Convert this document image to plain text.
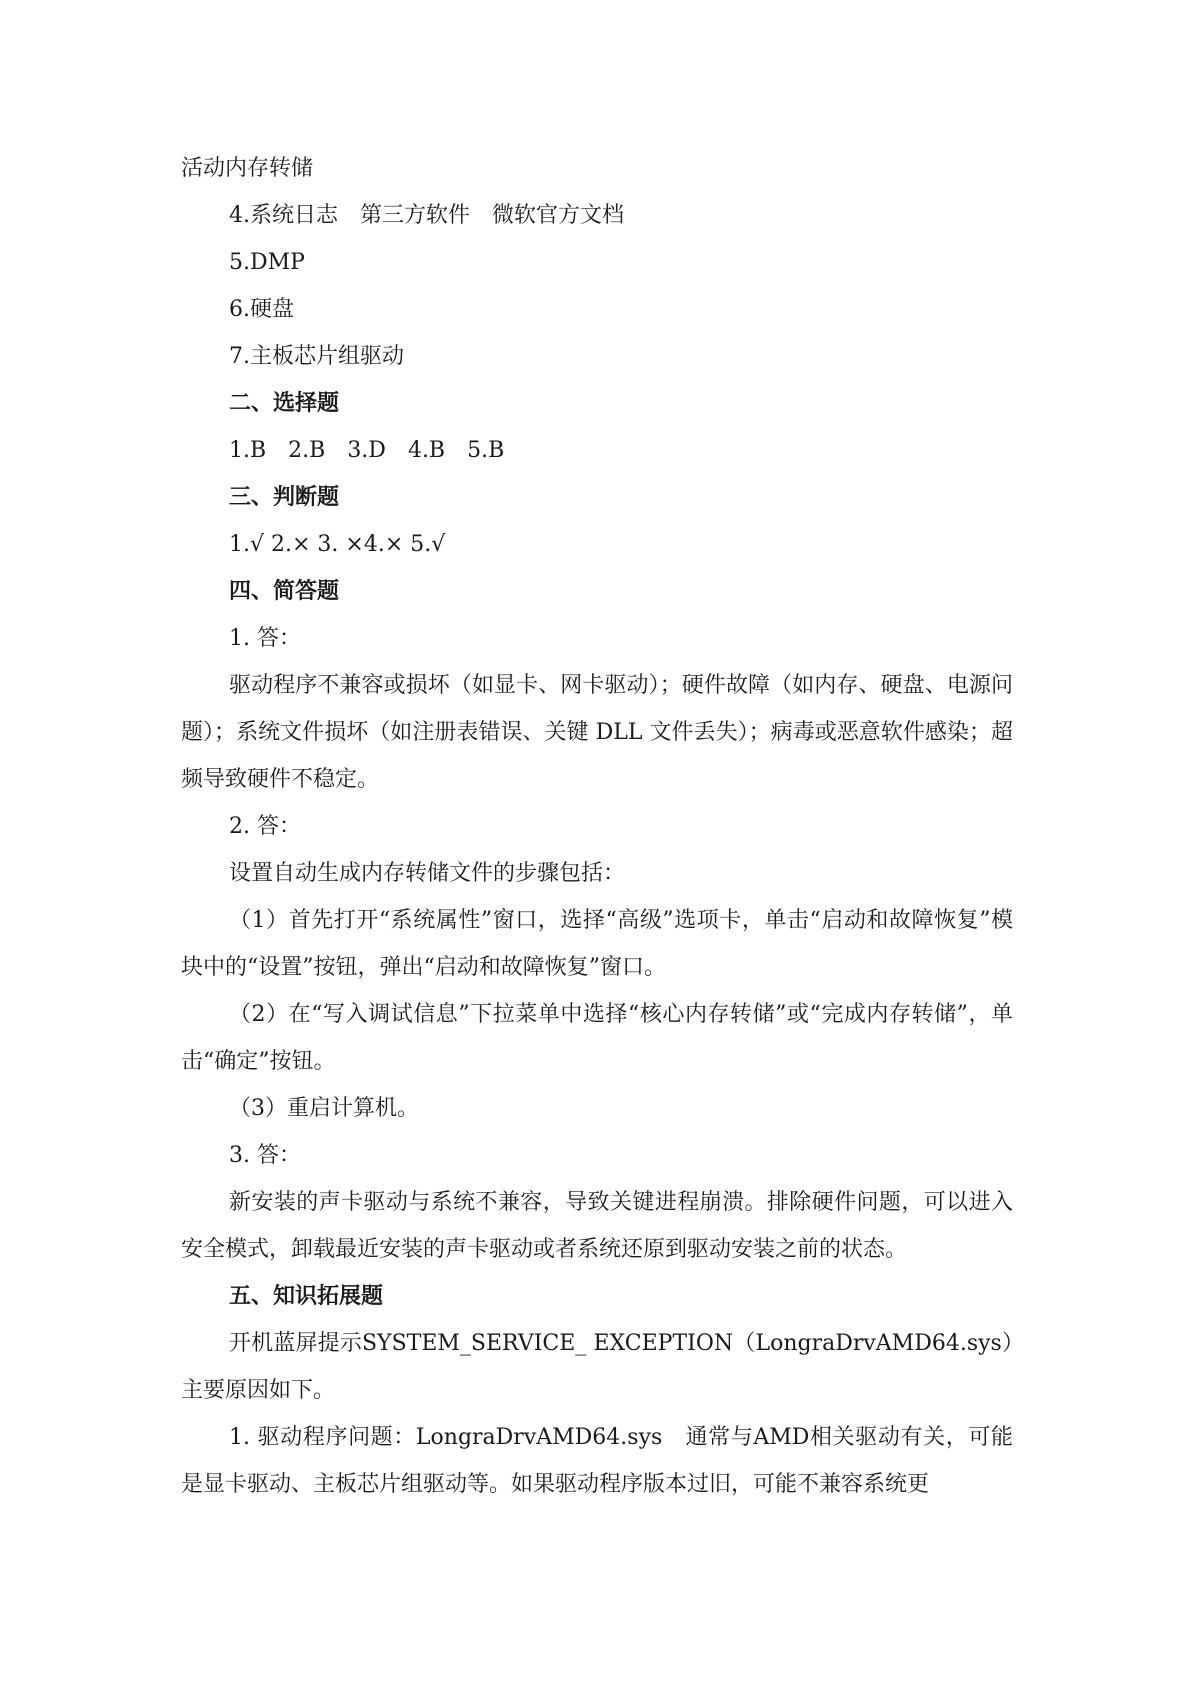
活动内存转储

4.系统日志　第三方软件　微软官方文档

5.DMP

6.硬盘

7.主板芯片组驱动

二、选择题

1.B　2.B　3.D　4.B　5.B

三、判断题

1.√ 2.× 3. ×4.× 5.√

四、简答题

1. 答：

驱动程序不兼容或损坏（如显卡、网卡驱动）；硬件故障（如内存、硬盘、电源问题）；系统文件损坏（如注册表错误、关键 DLL 文件丢失）；病毒或恶意软件感染；超频导致硬件不稳定。

2. 答：

设置自动生成内存转储文件的步骤包括：

（1）首先打开“系统属性”窗口，选择“高级”选项卡，单击“启动和故障恢复”模块中的“设置”按钮，弹出“启动和故障恢复”窗口。

（2）在“写入调试信息”下拉菜单中选择“核心内存转储”或“完成内存转储”，单击“确定”按钮。

（3）重启计算机。

3. 答：

新安装的声卡驱动与系统不兼容，导致关键进程崩溃。排除硬件问题，可以进入安全模式，卸载最近安装的声卡驱动或者系统还原到驱动安装之前的状态。

五、知识拓展题

开机蓝屏提示SYSTEM_SERVICE_ EXCEPTION（LongraDrvAMD64.sys）主要原因如下。

1. 驱动程序问题：LongraDrvAMD64.sys　通常与AMD相关驱动有关，可能是显卡驱动、主板芯片组驱动等。如果驱动程序版本过旧，可能不兼容系统更
